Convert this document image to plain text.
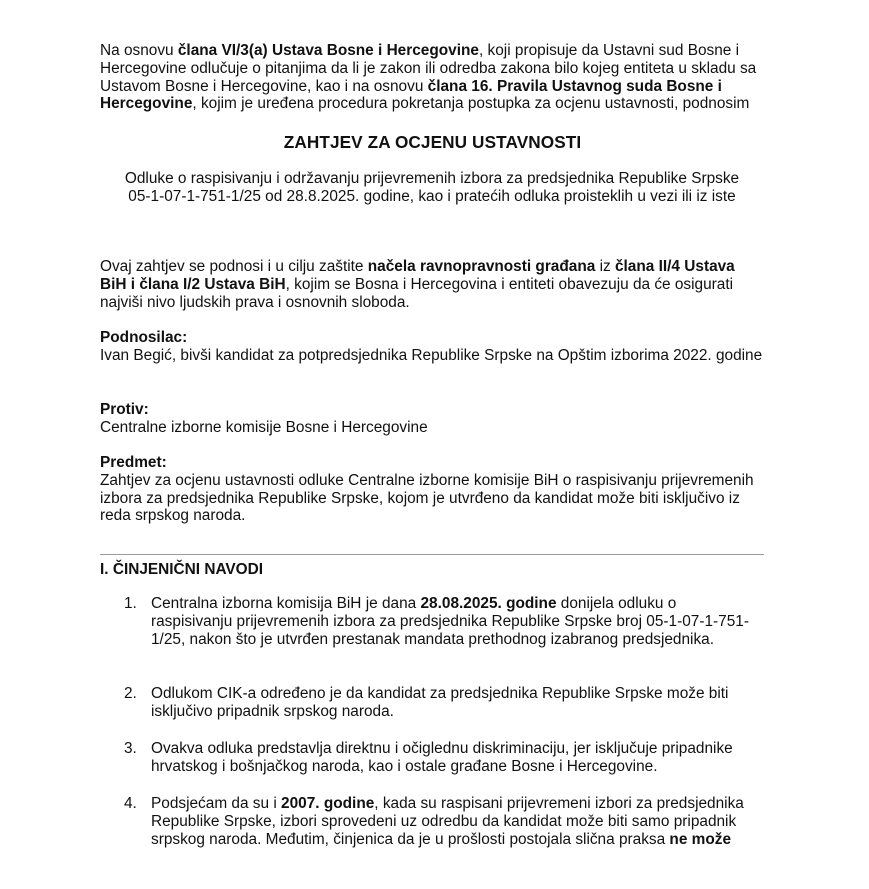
Na osnovu člana VI/3(a) Ustava Bosne i Hercegovine, koji propisuje da Ustavni sud Bosne i Hercegovine odlučuje o pitanjima da li je zakon ili odredba zakona bilo kojeg entiteta u skladu sa Ustavom Bosne i Hercegovine, kao i na osnovu člana 16. Pravila Ustavnog suda Bosne i Hercegovine, kojim je uređena procedura pokretanja postupka za ocjenu ustavnosti, podnosim

ZAHTJEV ZA OCJENU USTAVNOSTI

Odluke o raspisivanju i održavanju prijevremenih izbora za predsjednika Republike Srpske 05-1-07-1-751-1/25 od 28.8.2025. godine, kao i pratećih odluka proisteklih u vezi ili iz iste

Ovaj zahtjev se podnosi i u cilju zaštite načela ravnopravnosti građana iz člana II/4 Ustava BiH i člana I/2 Ustava BiH, kojim se Bosna i Hercegovina i entiteti obavezuju da će osigurati najviši nivo ljudskih prava i osnovnih sloboda.

Podnosilac:

Ivan Begić, bivši kandidat za potpredsjednika Republike Srpske na Opštim izborima 2022. godine

Protiv:

Centralne izborne komisije Bosne i Hercegovine

Predmet:

Zahtjev za ocjenu ustavnosti odluke Centralne izborne komisije BiH o raspisivanju prijevremenih izbora za predsjednika Republike Srpske, kojom je utvrđeno da kandidat može biti isključivo iz reda srpskog naroda.

I. ČINJENIČNI NAVODI

1. Centralna izborna komisija BiH je dana 28.08.2025. godine donijela odluku o raspisivanju prijevremenih izbora za predsjednika Republike Srpske broj 05-1-07-1-751-1/25, nakon što je utvrđen prestanak mandata prethodnog izabranog predsjednika.

2. Odlukom CIK-a određeno je da kandidat za predsjednika Republike Srpske može biti isključivo pripadnik srpskog naroda.

3. Ovakva odluka predstavlja direktnu i očiglednu diskriminaciju, jer isključuje pripadnike hrvatskog i bošnjačkog naroda, kao i ostale građane Bosne i Hercegovine.

4. Podsjećam da su i 2007. godine, kada su raspisani prijevremeni izbori za predsjednika Republike Srpske, izbori sprovedeni uz odredbu da kandidat može biti samo pripadnik srpskog naroda. Međutim, činjenica da je u prošlosti postojala slična praksa ne može
